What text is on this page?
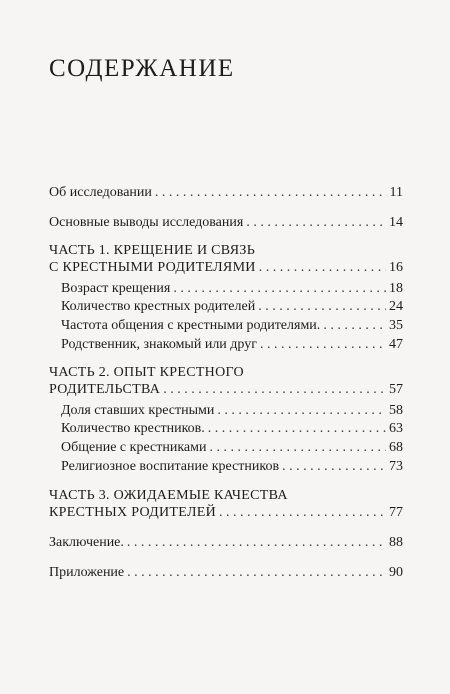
СОДЕРЖАНИЕ
Об исследовании . . .	11
Основные выводы исследования . . .	14
ЧАСТЬ 1. КРЕЩЕНИЕ И СВЯЗЬ
С КРЕСТНЫМИ РОДИТЕЛЯМИ . . .	16
Возраст крещения . . .	18
Количество крестных родителей . . .	24
Частота общения с крестными родителями. . . .	35
Родственник, знакомый или друг . . .	47
ЧАСТЬ 2. ОПЫТ КРЕСТНОГО
РОДИТЕЛЬСТВА . . .	57
Доля ставших крестными . . .	58
Количество крестников. . . .	63
Общение с крестниками . . .	68
Религиозное воспитание крестников . . .	73
ЧАСТЬ 3. ОЖИДАЕМЫЕ КАЧЕСТВА
КРЕСТНЫХ РОДИТЕЛЕЙ . . .	77
Заключение. . . .	88
Приложение . . .	90
